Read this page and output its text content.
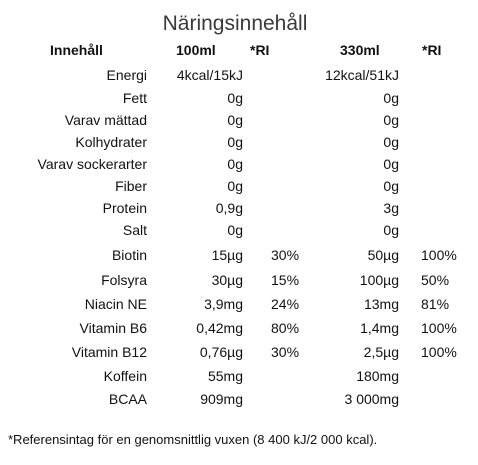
Näringsinnehåll
Innehåll	100ml *RI	330ml	*RI
Energi 4kcal/15kJ	12kcal/51kJ
Fett	0g	0g
Varav mättad	0g	0g
Kolhydrater	0g	0g
Varav sockerarter	0g	0g
Fiber	0g	0g
Protein	0,9g	3g
Salt	0g	0g
Biotin	15µg 30%	50µg 100%
Folsyra	30µg 15%	100µg 50%
Niacin NE	3,9mg 24%	13mg 81%
Vitamin B6	0,42mg 80%	1,4mg 100%
Vitamin B12	0,76µg 30%	2,5µg 100%
Koffein	55mg	180mg
BCAA	909mg	3 000mg
*Referensintag för en genomsnittlig vuxen (8 400 kJ/2 000 kcal).
